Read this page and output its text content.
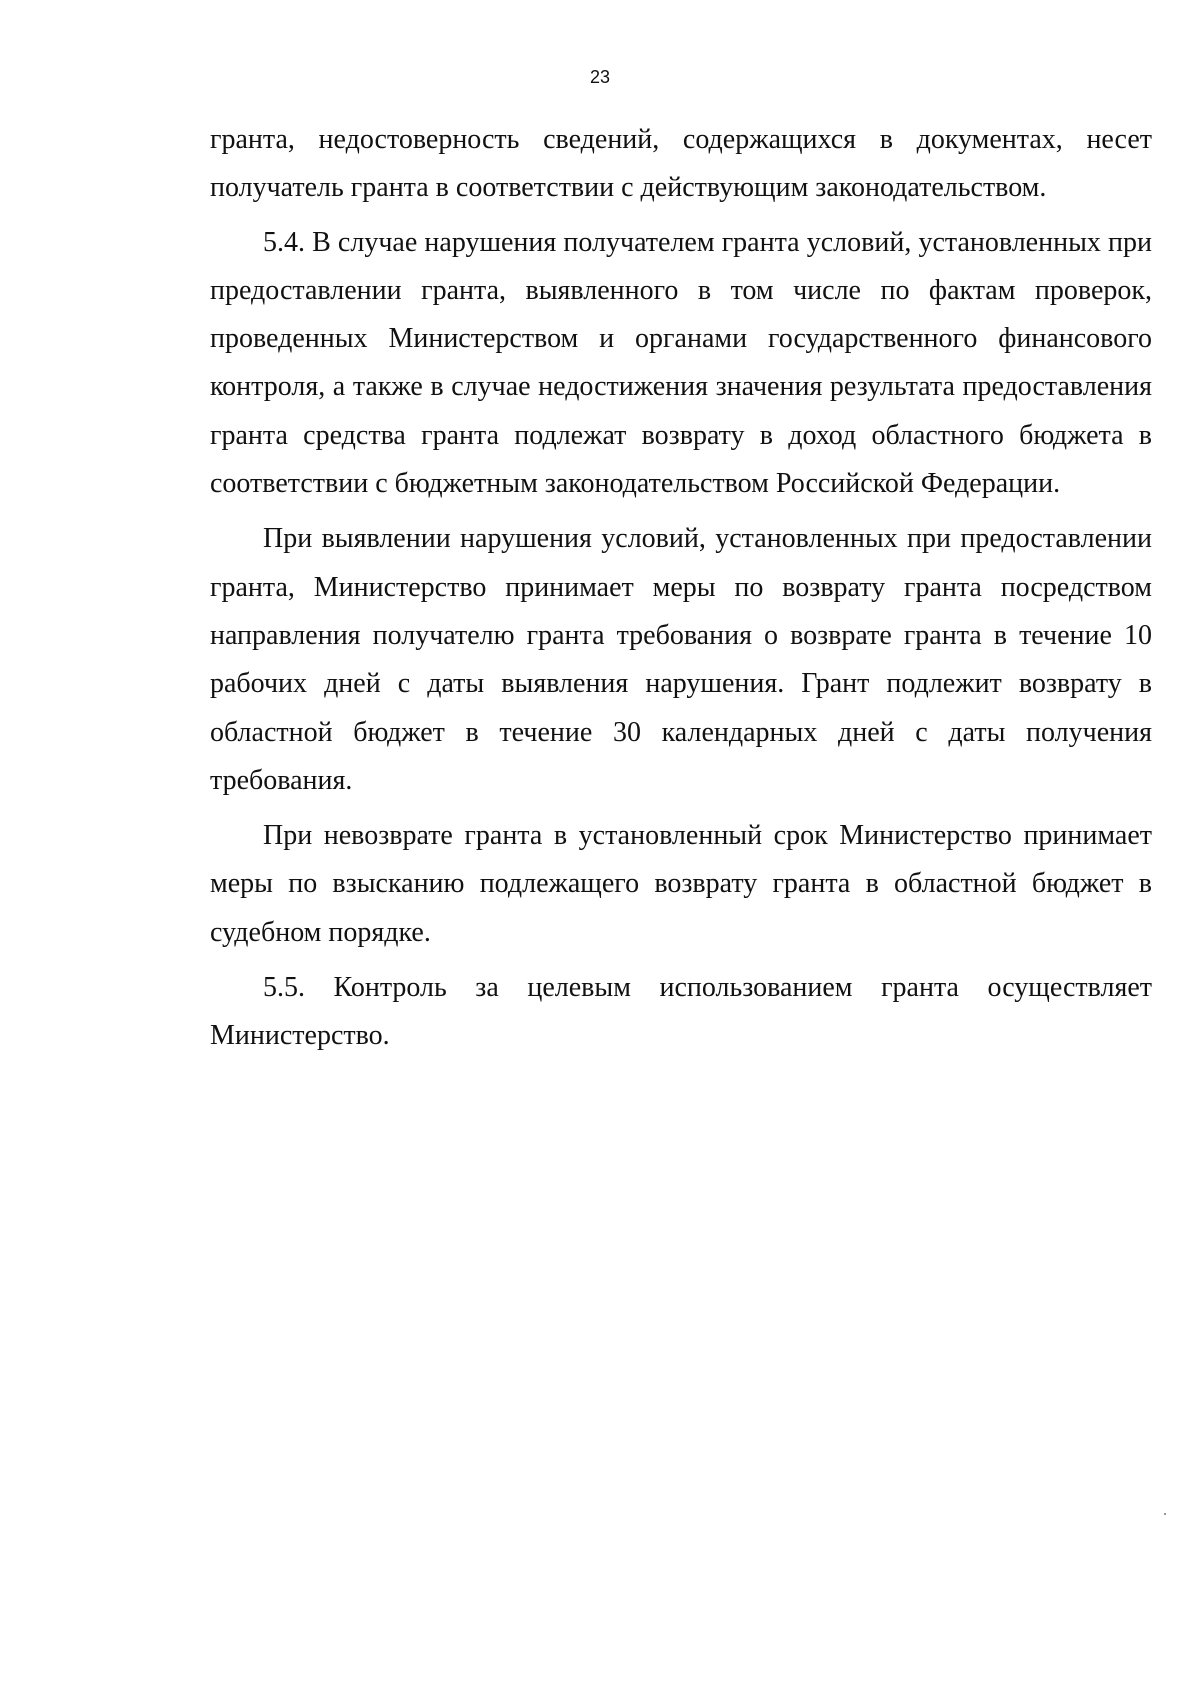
23

гранта, недостоверность сведений, содержащихся в документах, несет получатель гранта в соответствии с действующим законодательством.

5.4. В случае нарушения получателем гранта условий, установленных при предоставлении гранта, выявленного в том числе по фактам проверок, проведенных Министерством и органами государственного финансового контроля, а также в случае недостижения значения результата предоставления гранта средства гранта подлежат возврату в доход областного бюджета в соответствии с бюджетным законодательством Российской Федерации.

При выявлении нарушения условий, установленных при предоставлении гранта, Министерство принимает меры по возврату гранта посредством направления получателю гранта требования о возврате гранта в течение 10 рабочих дней с даты выявления нарушения. Грант подлежит возврату в областной бюджет в течение 30 календарных дней с даты получения требования.

При невозврате гранта в установленный срок Министерство принимает меры по взысканию подлежащего возврату гранта в областной бюджет в судебном порядке.

5.5. Контроль за целевым использованием гранта осуществляет Министерство.
